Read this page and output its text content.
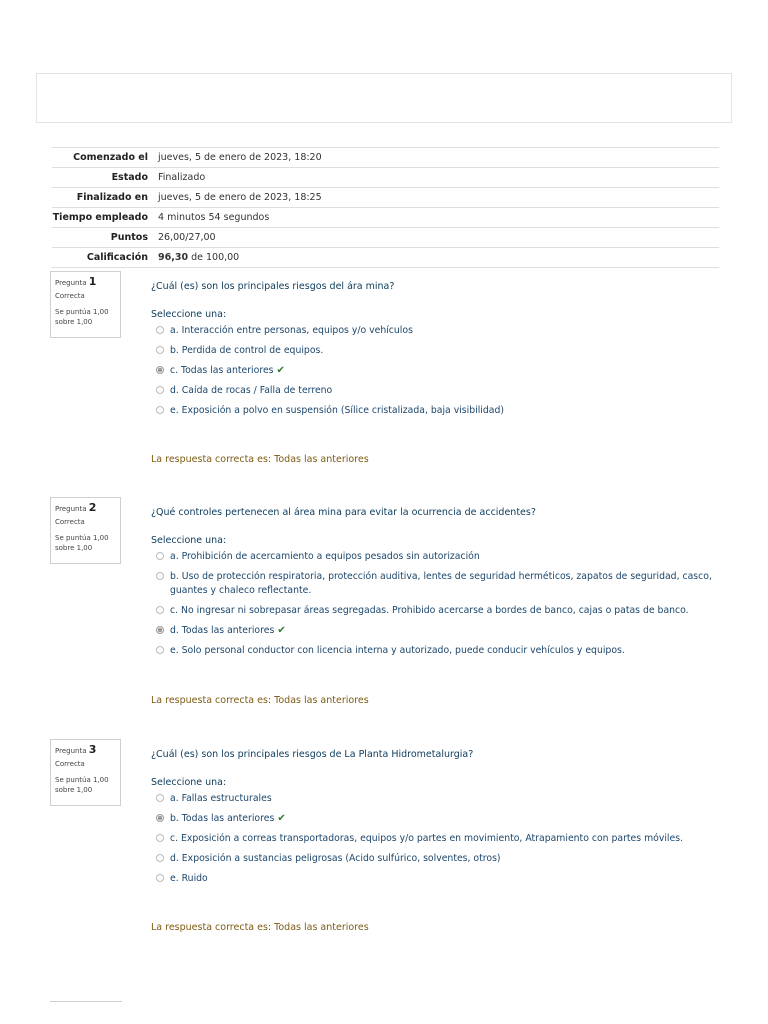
Comenzado el	jueves, 5 de enero de 2023, 18:20
Estado	Finalizado
Finalizado en	jueves, 5 de enero de 2023, 18:25
Tiempo empleado	4 minutos 54 segundos
Puntos	26,00/27,00
Calificación	96,30 de 100,00
Pregunta 1
Correcta
Se puntúa 1,00 sobre 1,00
¿Cuál (es) son los principales riesgos del ára mina?
Seleccione una:
a. Interacción entre personas, equipos y/o vehículos
b. Perdida de control de equipos.
c. Todas las anteriores ✔
d. Caída de rocas / Falla de terreno
e. Exposición a polvo en suspensión (Sílice cristalizada, baja visibilidad)
La respuesta correcta es: Todas las anteriores
Pregunta 2
Correcta
Se puntúa 1,00 sobre 1,00
¿Qué controles pertenecen al área mina para evitar la ocurrencia de accidentes?
Seleccione una:
a. Prohibición de acercamiento a equipos pesados sin autorización
b. Uso de protección respiratoria, protección auditiva, lentes de seguridad herméticos, zapatos de seguridad, casco, guantes y chaleco reflectante.
c. No ingresar ni sobrepasar áreas segregadas. Prohibido acercarse a bordes de banco, cajas o patas de banco.
d. Todas las anteriores ✔
e. Solo personal conductor con licencia interna y autorizado, puede conducir vehículos y equipos.
La respuesta correcta es: Todas las anteriores
Pregunta 3
Correcta
Se puntúa 1,00 sobre 1,00
¿Cuál (es) son los principales riesgos de La Planta Hidrometalurgia?
Seleccione una:
a. Fallas estructurales
b. Todas las anteriores ✔
c. Exposición a correas transportadoras, equipos y/o partes en movimiento, Atrapamiento con partes móviles.
d. Exposición a sustancias peligrosas (Acido sulfúrico, solventes, otros)
e. Ruido
La respuesta correcta es: Todas las anteriores
